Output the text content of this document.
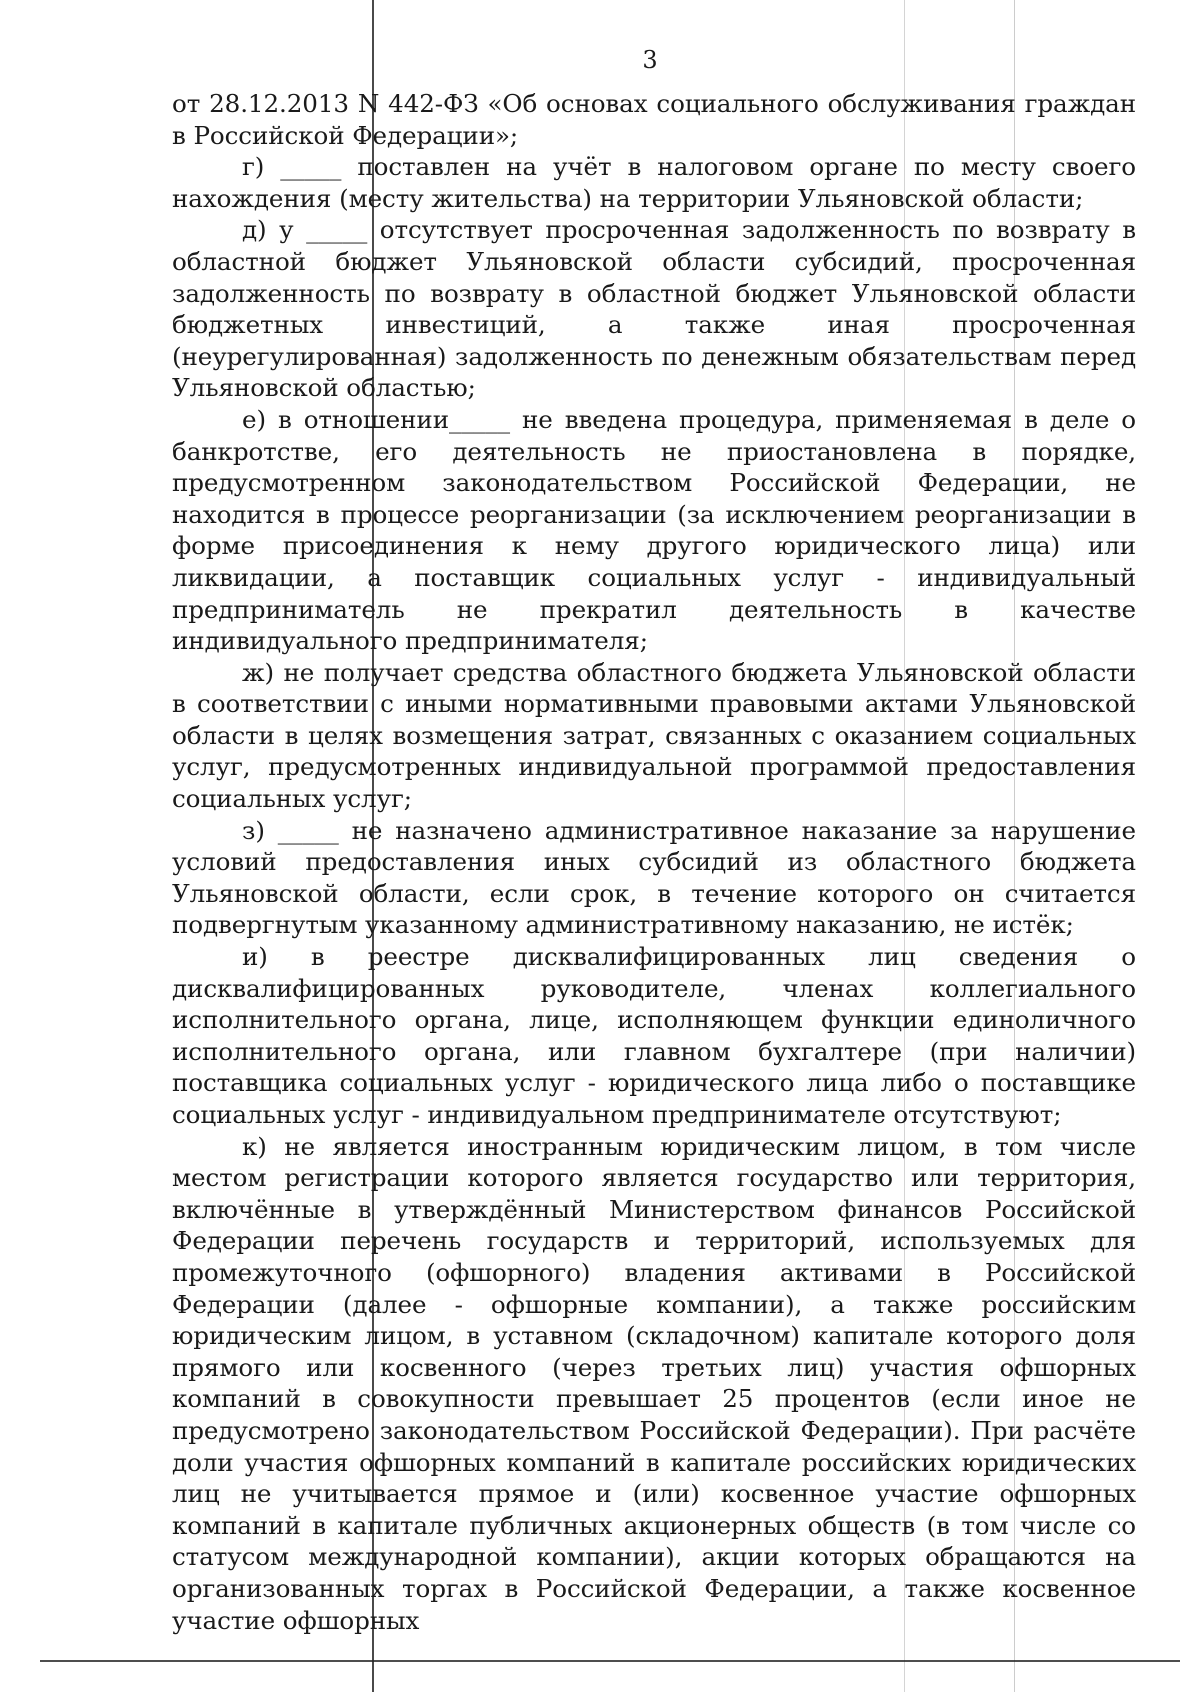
3

от 28.12.2013 N 442-ФЗ «Об основах социального обслуживания граждан в Российской Федерации»;

г) _____ поставлен на учёт в налоговом органе по месту своего нахождения (месту жительства) на территории Ульяновской области;

д) у _____ отсутствует просроченная задолженность по возврату в областной бюджет Ульяновской области субсидий, просроченная задолженность по возврату в областной бюджет Ульяновской области бюджетных инвестиций, а также иная просроченная (неурегулированная) задолженность по денежным обязательствам перед Ульяновской областью;

е) в отношении_____ не введена процедура, применяемая в деле о банкротстве, его деятельность не приостановлена в порядке, предусмотренном законодательством Российской Федерации, не находится в процессе реорганизации (за исключением реорганизации в форме присоединения к нему другого юридического лица) или ликвидации, а поставщик социальных услуг - индивидуальный предприниматель не прекратил деятельность в качестве индивидуального предпринимателя;

ж) не получает средства областного бюджета Ульяновской области в соответствии с иными нормативными правовыми актами Ульяновской области в целях возмещения затрат, связанных с оказанием социальных услуг, предусмотренных индивидуальной программой предоставления социальных услуг;

з) _____ не назначено административное наказание за нарушение условий предоставления иных субсидий из областного бюджета Ульяновской области, если срок, в течение которого он считается подвергнутым указанному административному наказанию, не истёк;

и) в реестре дисквалифицированных лиц сведения о дисквалифицированных руководителе, членах коллегиального исполнительного органа, лице, исполняющем функции единоличного исполнительного органа, или главном бухгалтере (при наличии) поставщика социальных услуг - юридического лица либо о поставщике социальных услуг - индивидуальном предпринимателе отсутствуют;

к) не является иностранным юридическим лицом, в том числе местом регистрации которого является государство или территория, включённые в утверждённый Министерством финансов Российской Федерации перечень государств и территорий, используемых для промежуточного (офшорного) владения активами в Российской Федерации (далее - офшорные компании), а также российским юридическим лицом, в уставном (складочном) капитале которого доля прямого или косвенного (через третьих лиц) участия офшорных компаний в совокупности превышает 25 процентов (если иное не предусмотрено законодательством Российской Федерации). При расчёте доли участия офшорных компаний в капитале российских юридических лиц не учитывается прямое и (или) косвенное участие офшорных компаний в капитале публичных акционерных обществ (в том числе со статусом международной компании), акции которых обращаются на организованных торгах в Российской Федерации, а также косвенное участие офшорных
